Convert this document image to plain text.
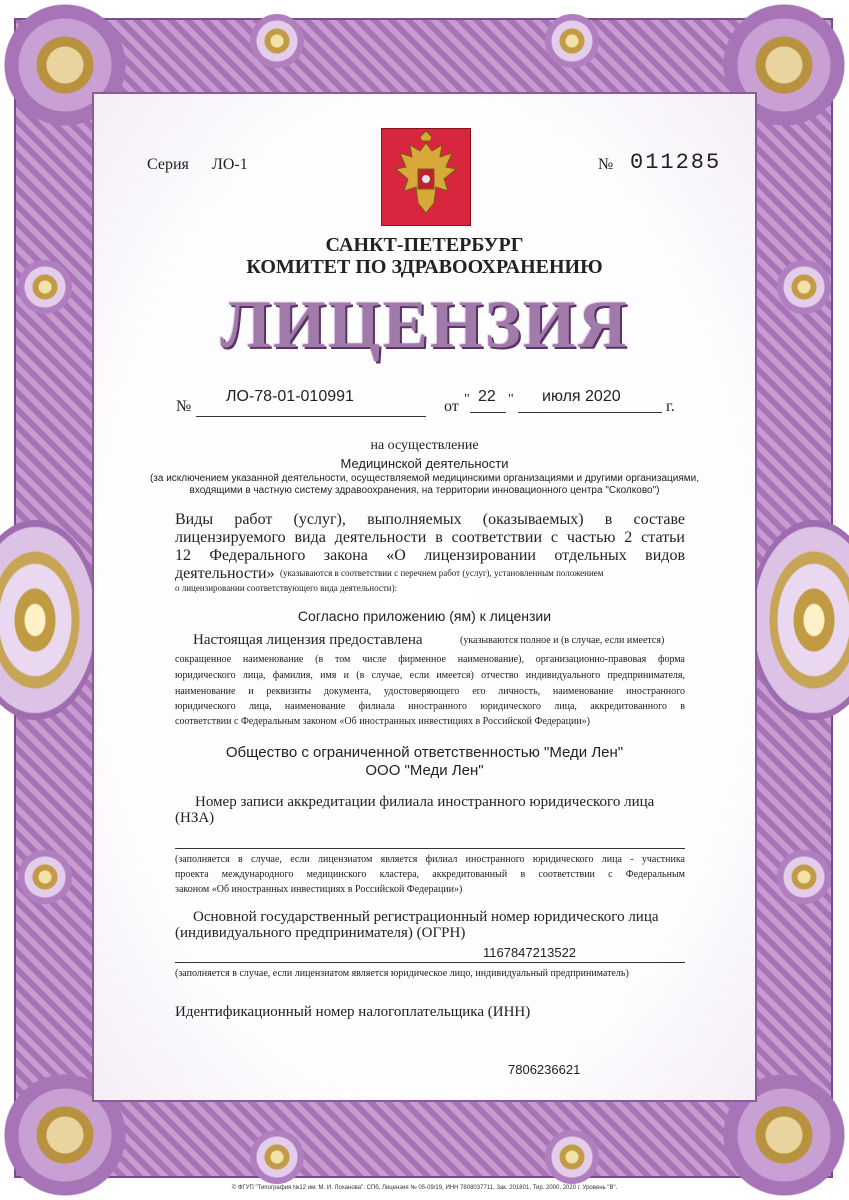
Серия ЛО-1	№ 011285
САНКТ-ПЕТЕРБУРГ
КОМИТЕТ ПО ЗДРАВООХРАНЕНИЮ
ЛИЦЕНЗИЯ
№
ЛО-78-01-010991
от " 22 " июля 2020
г.
на осуществление
Медицинской деятельности
(за исключением указанной деятельности, осуществляемой медицинскими организациями и другими организациями,
входящими в частную систему здравоохранения, на территории инновационного центра "Сколково")
Виды работ (услуг), выполняемых (оказываемых) в составе
лицензируемого вида деятельности в соответствии с частью 2 статьи
12 Федерального закона «О лицензировании отдельных видов
деятельности» (указываются в соответствии с перечнем работ (услуг), установленным положением
о лицензировании соответствующего вида деятельности):
Согласно приложению (ям) к лицензии
Настоящая лицензия предоставлена	(указываются полное и (в случае, если имеется)
сокращенное наименование (в том числе фирменное наименование), организационно-правовая форма
юридического лица, фамилия, имя и (в случае, если имеется) отчество индивидуального предпринимателя,
наименование и реквизиты документа, удостоверяющего его личность, наименование иностранного
юридического лица, наименование филиала иностранного юридического лица, аккредитованного в
соответствии с Федеральным законом «Об иностранных инвестициях в Российской Федерации»)
Общество с ограниченной ответственностью "Меди Лен"
ООО "Меди Лен"
Номер записи аккредитации филиала иностранного юридического лица
(НЗА)
(заполняется в случае, если лицензиатом является филиал иностранного юридического лица - участника
проекта международного медицинского кластера, аккредитованный в соответствии с Федеральным
законом «Об иностранных инвестициях в Российской Федерации»)
Основной государственный регистрационный номер юридического лица
(индивидуального предпринимателя) (ОГРН)
1167847213522
(заполняется в случае, если лицензиатом является юридическое лицо, индивидуальный предприниматель)
Идентификационный номер налогоплательщика (ИНН)
7806236621
© ФГУП "Типография №12 им. М. И. Лоханова". СПб, Лицензия № 05-09/19, ИНН 7808037711, Зак. 201801, Тир. 2000, 2020 г. Уровень "В".
